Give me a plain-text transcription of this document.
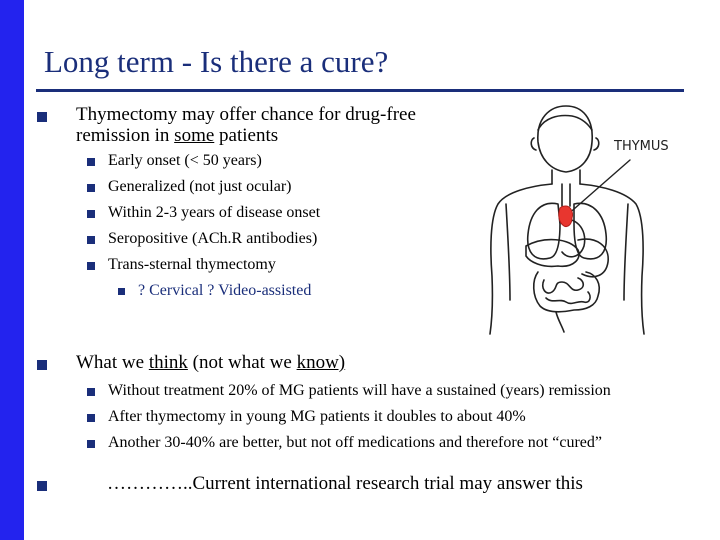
Long term - Is there a cure?
Thymectomy may offer chance for drug-free
remission in some patients
Early onset (< 50 years)
Generalized (not just ocular)
Within 2-3 years of disease onset
Seropositive (ACh.R antibodies)
Trans-sternal thymectomy
? Cervical ? Video-assisted
THYMUS
What we think (not what we know)
Without treatment 20% of MG patients will have a sustained (years) remission
After thymectomy in young MG patients it doubles to about 40%
Another 30-40% are better, but not off medications and therefore not “cured”
…………..Current international research trial may answer this
